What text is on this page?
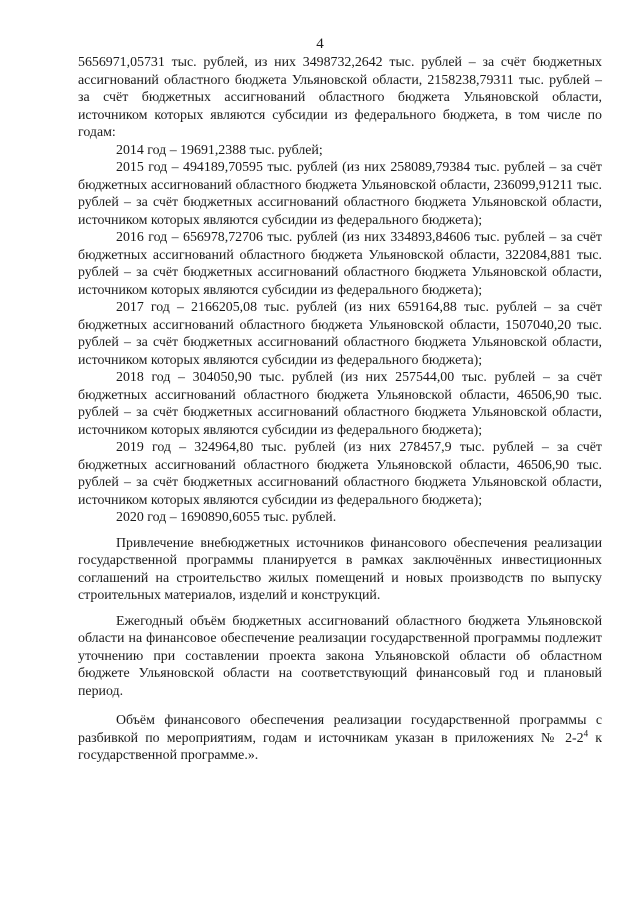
4

5656971,05731 тыс. рублей, из них 3498732,2642 тыс. рублей – за счёт бюджетных ассигнований областного бюджета Ульяновской области, 2158238,79311 тыс. рублей – за счёт бюджетных ассигнований областного бюджета Ульяновской области, источником которых являются субсидии из федерального бюджета, в том числе по годам:

2014 год – 19691,2388 тыс. рублей;

2015 год – 494189,70595 тыс. рублей (из них 258089,79384 тыс. рублей – за счёт бюджетных ассигнований областного бюджета Ульяновской области, 236099,91211 тыс. рублей – за счёт бюджетных ассигнований областного бюджета Ульяновской области, источником которых являются субсидии из федерального бюджета);

2016 год – 656978,72706 тыс. рублей (из них 334893,84606 тыс. рублей – за счёт бюджетных ассигнований областного бюджета Ульяновской области, 322084,881 тыс. рублей – за счёт бюджетных ассигнований областного бюджета Ульяновской области, источником которых являются субсидии из федерального бюджета);

2017 год – 2166205,08 тыс. рублей (из них 659164,88 тыс. рублей – за счёт бюджетных ассигнований областного бюджета Ульяновской области, 1507040,20 тыс. рублей – за счёт бюджетных ассигнований областного бюджета Ульяновской области, источником которых являются субсидии из федерального бюджета);

2018 год – 304050,90 тыс. рублей (из них 257544,00 тыс. рублей – за счёт бюджетных ассигнований областного бюджета Ульяновской области, 46506,90 тыс. рублей – за счёт бюджетных ассигнований областного бюджета Ульяновской области, источником которых являются субсидии из федерального бюджета);

2019 год – 324964,80 тыс. рублей (из них 278457,9 тыс. рублей – за счёт бюджетных ассигнований областного бюджета Ульяновской области, 46506,90 тыс. рублей – за счёт бюджетных ассигнований областного бюджета Ульяновской области, источником которых являются субсидии из федерального бюджета);

2020 год – 1690890,6055 тыс. рублей.

Привлечение внебюджетных источников финансового обеспечения реализации государственной программы планируется в рамках заключённых инвестиционных соглашений на строительство жилых помещений и новых производств по выпуску строительных материалов, изделий и конструкций.

Ежегодный объём бюджетных ассигнований областного бюджета Ульяновской области на финансовое обеспечение реализации государственной программы подлежит уточнению при составлении проекта закона Ульяновской области об областном бюджете Ульяновской области на соответствующий финансовый год и плановый период.

Объём финансового обеспечения реализации государственной программы с разбивкой по мероприятиям, годам и источникам указан в приложениях № $2-2^4$ к государственной программе.».
